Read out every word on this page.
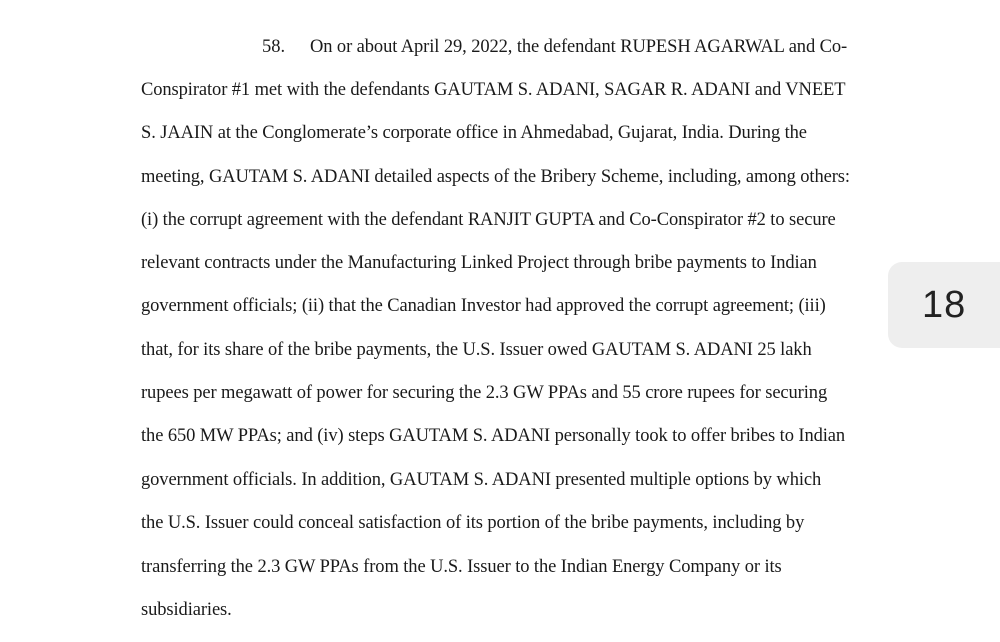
58. On or about April 29, 2022, the defendant RUPESH AGARWAL and Co-
Conspirator #1 met with the defendants GAUTAM S. ADANI, SAGAR R. ADANI and VNEET
S. JAAIN at the Conglomerate’s corporate office in Ahmedabad, Gujarat, India. During the
meeting, GAUTAM S. ADANI detailed aspects of the Bribery Scheme, including, among others:
(i) the corrupt agreement with the defendant RANJIT GUPTA and Co-Conspirator #2 to secure
relevant contracts under the Manufacturing Linked Project through bribe payments to Indian
government officials; (ii) that the Canadian Investor had approved the corrupt agreement; (iii)
that, for its share of the bribe payments, the U.S. Issuer owed GAUTAM S. ADANI 25 lakh
rupees per megawatt of power for securing the 2.3 GW PPAs and 55 crore rupees for securing
the 650 MW PPAs; and (iv) steps GAUTAM S. ADANI personally took to offer bribes to Indian
government officials. In addition, GAUTAM S. ADANI presented multiple options by which
the U.S. Issuer could conceal satisfaction of its portion of the bribe payments, including by
transferring the 2.3 GW PPAs from the U.S. Issuer to the Indian Energy Company or its
subsidiaries.
18
